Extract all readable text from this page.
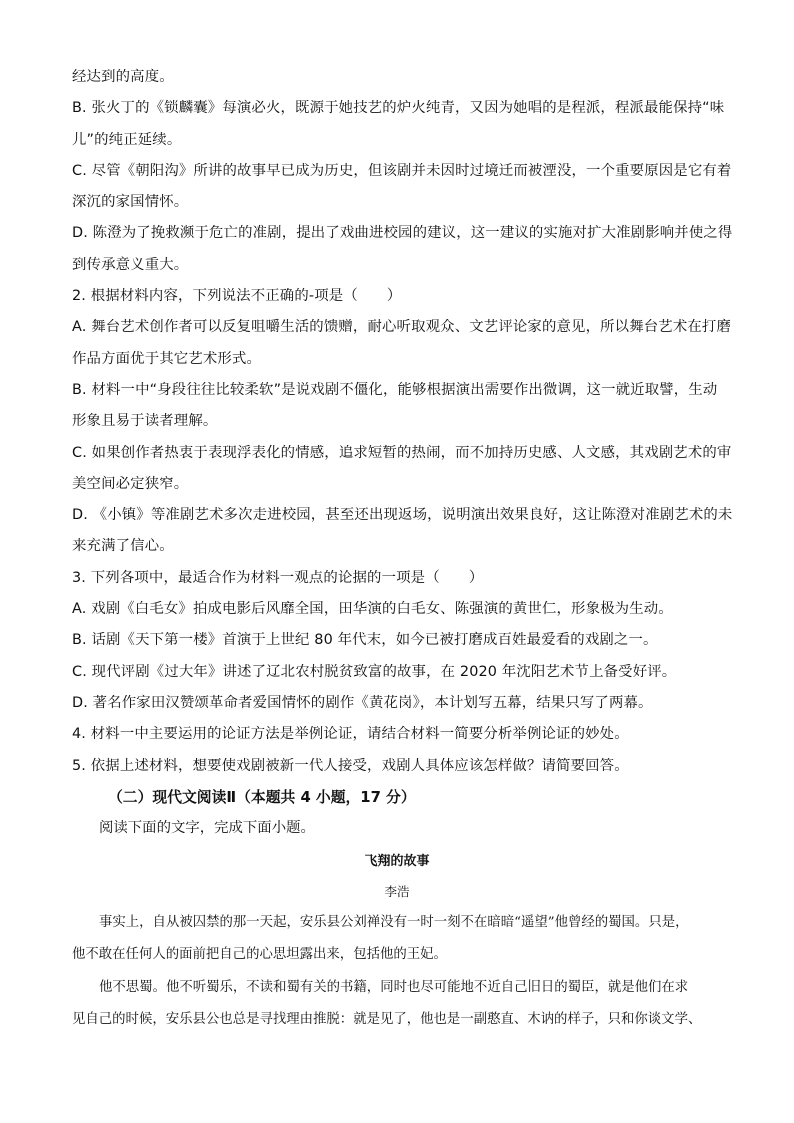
经达到的高度。
B. 张火丁的《锁麟囊》每演必火，既源于她技艺的炉火纯青，又因为她唱的是程派，程派最能保持“味
儿”的纯正延续。
C. 尽管《朝阳沟》所讲的故事早已成为历史，但该剧并未因时过境迁而被湮没，一个重要原因是它有着
深沉的家国情怀。
D. 陈澄为了挽救濒于危亡的准剧，提出了戏曲进校园的建议，这一建议的实施对扩大准剧影响并使之得
到传承意义重大。
2. 根据材料内容，下列说法不正确的-项是（　　）
A. 舞台艺术创作者可以反复咀嚼生活的馈赠，耐心听取观众、文艺评论家的意见，所以舞台艺术在打磨
作品方面优于其它艺术形式。
B. 材料一中“身段往往比较柔软”是说戏剧不僵化，能够根据演出需要作出微调，这一就近取譬，生动
形象且易于读者理解。
C. 如果创作者热衷于表现浮表化的情感，追求短暂的热闹，而不加持历史感、人文感，其戏剧艺术的审
美空间必定狭窄。
D. 《小镇》等准剧艺术多次走进校园，甚至还出现返场，说明演出效果良好，这让陈澄对准剧艺术的未
来充满了信心。
3. 下列各项中，最适合作为材料一观点的论据的一项是（　　）
A. 戏剧《白毛女》拍成电影后风靡全国，田华演的白毛女、陈强演的黄世仁，形象极为生动。
B. 话剧《天下第一楼》首演于上世纪 80 年代末，如今已被打磨成百姓最爱看的戏剧之一。
C. 现代评剧《过大年》讲述了辽北农村脱贫致富的故事，在 2020 年沈阳艺术节上备受好评。
D. 著名作家田汉赞颂革命者爱国情怀的剧作《黄花岗》，本计划写五幕，结果只写了两幕。
4. 材料一中主要运用的论证方法是举例论证，请结合材料一简要分析举例论证的妙处。
5. 依据上述材料，想要使戏剧被新一代人接受，戏剧人具体应该怎样做？请简要回答。
（二）现代文阅读Ⅱ（本题共 4 小题，17 分）
阅读下面的文字，完成下面小题。
飞翔的故事
李浩
事实上，自从被囚禁的那一天起，安乐县公刘禅没有一时一刻不在暗暗“遥望”他曾经的蜀国。只是，
他不敢在任何人的面前把自己的心思坦露出来，包括他的王妃。
他不思蜀。他不听蜀乐，不读和蜀有关的书籍，同时也尽可能地不近自己旧日的蜀臣，就是他们在求
见自己的时候，安乐县公也总是寻找理由推脱：就是见了，他也是一副憨直、木讷的样子，只和你谈文学、
